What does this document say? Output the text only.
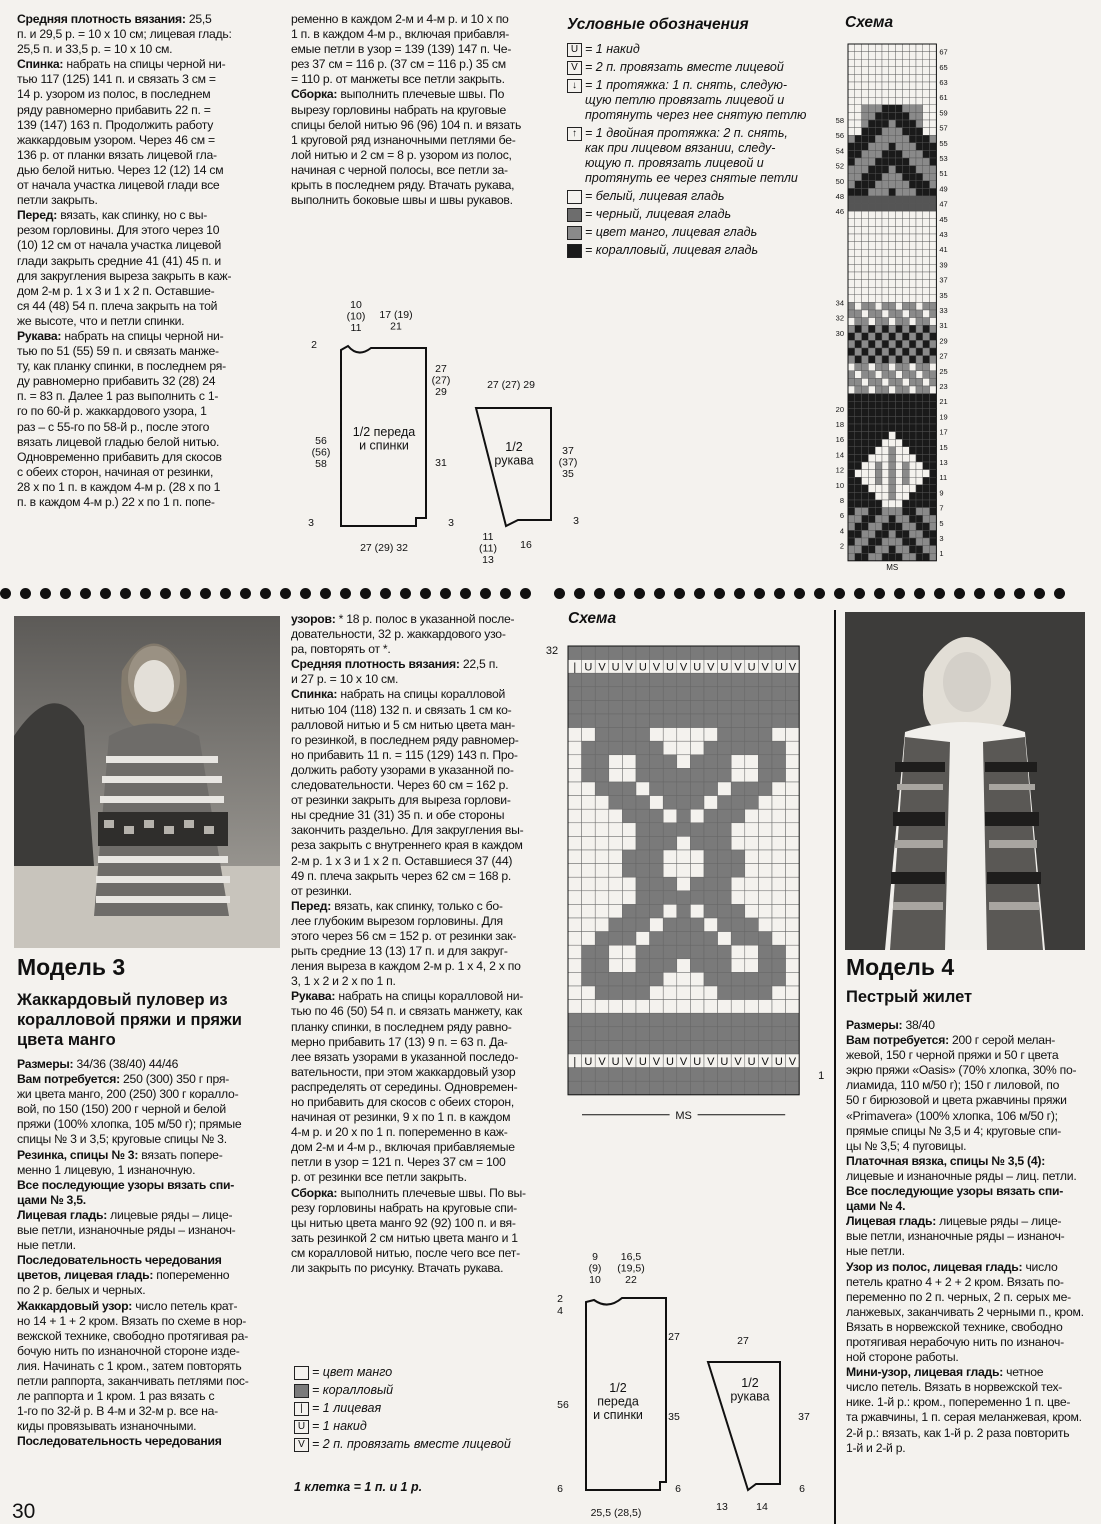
Средняя плотность вязания: 25,5

п. и 29,5 р. = 10 х 10 см; лицевая гладь:

25,5 п. и 33,5 р. = 10 х 10 см.

Спинка: набрать на спицы черной ни-

тью 117 (125) 141 п. и связать 3 см =

14 р. узором из полос, в последнем

ряду равномерно прибавить 22 п. =

139 (147) 163 п. Продолжить работу

жаккардовым узором. Через 46 см =

136 р. от планки вязать лицевой гла-

дью белой нитью. Через 12 (12) 14 см

от начала участка лицевой глади все

петли закрыть.

Перед: вязать, как спинку, но с вы-

резом горловины. Для этого через 10

(10) 12 см от начала участка лицевой

глади закрыть средние 41 (41) 45 п. и

для закругления выреза закрыть в каж-

дом 2-м р. 1 х 3 и 1 х 2 п. Оставшие-

ся 44 (48) 54 п. плеча закрыть на той

же высоте, что и петли спинки.

Рукава: набрать на спицы черной ни-

тью по 51 (55) 59 п. и связать манже-

ту, как планку спинки, в последнем ря-

ду равномерно прибавить 32 (28) 24

п. = 83 п. Далее 1 раз выполнить с 1-

го по 60-й р. жаккардового узора, 1

раз – с 55-го по 58-й р., после этого

вязать лицевой гладью белой нитью.

Одновременно прибавить для скосов

с обеих сторон, начиная от резинки,

28 х по 1 п. в каждом 4-м р. (28 х по 1

п. в каждом 4-м р.) 22 х по 1 п. попе-

ременно в каждом 2-м и 4-м р. и 10 х по

1 п. в каждом 4-м р., включая прибавля-

емые петли в узор = 139 (139) 147 п. Че-

рез 37 см = 116 р. (37 см = 116 р.) 35 см

= 110 р. от манжеты все петли закрыть.

Сборка: выполнить плечевые швы. По

вырезу горловины набрать на круговые

спицы белой нитью 96 (96) 104 п. и вязать

1 круговой ряд изнаночными петлями бе-

лой нитью и 2 см = 8 р. узором из полос,

начиная с черной полосы, все петли за-

крыть в последнем ряду. Втачать рукава,

выполнить боковые швы и швы рукавов.

Условные обозначения
U = 1 накид
V = 2 п. провязать вместе лицевой
↓ = 1 протяжка: 1 п. снять, следую-
щую петлю провязать лицевой и
протянуть через нее снятую петлю
↑ = 1 двойная протяжка: 2 п. снять,
как при лицевом вязании, следу-
ющую п. провязать лицевой и
протянуть ее через снятые петли
= белый, лицевая гладь
= черный, лицевая гладь
= цвет манго, лицевая гладь
= коралловый, лицевая гладь
Схема
58
56
54
52
50
48
46
34
32
30
20
18
16
14
12
10
8
6
4
2
67
65
63
61
59
57
55
53
51
49
47
45
43
41
39
37
35
33
31
29
27
25
23
21
19
17
15
13
11
9
7
5
3
1
MS
1/2 переда и спинки	1/2 рукава
10 (10) 11
17 (19) 21
2
27 (27) 29
56 (56) 58	31
3	3
27 (29) 32
27 (27) 29
37 (37) 35
11 (11) 13
16
3
Модель 3
Жаккардовый пуловер из
коралловой пряжи и пряжи
цвета манго

Размеры: 34/36 (38/40) 44/46

Вам потребуется: 250 (300) 350 г пря-

жи цвета манго, 200 (250) 300 г коралло-

вой, по 150 (150) 200 г черной и белой

пряжи (100% хлопка, 105 м/50 г); прямые

спицы № 3 и 3,5; круговые спицы № 3.

Резинка, спицы № 3: вязать попере-

менно 1 лицевую, 1 изнаночную.

Все последующие узоры вязать спи-

цами № 3,5.

Лицевая гладь: лицевые ряды – лице-

вые петли, изнаночные ряды – изнаноч-

ные петли.

Последовательность чередования

цветов, лицевая гладь: попеременно

по 2 р. белых и черных.

Жаккардовый узор: число петель крат-

но 14 + 1 + 2 кром. Вязать по схеме в нор-

вежской технике, свободно протягивая ра-

бочую нить по изнаночной стороне изде-

лия. Начинать с 1 кром., затем повторять

петли раппорта, заканчивать петлями пос-

ле раппорта и 1 кром. 1 раз вязать с

1-го по 32-й р. В 4-м и 32-м р. все на-

киды провязывать изнаночными.

Последовательность чередования

узоров: * 18 р. полос в указанной после-

довательности, 32 р. жаккардового узо-

ра, повторять от *.

Средняя плотность вязания: 22,5 п.

и 27 р. = 10 х 10 см.

Спинка: набрать на спицы коралловой

нитью 104 (118) 132 п. и связать 1 см ко-

ралловой нитью и 5 см нитью цвета ман-

го резинкой, в последнем ряду равномер-

но прибавить 11 п. = 115 (129) 143 п. Про-

должить работу узорами в указанной по-

следовательности. Через 60 см = 162 р.

от резинки закрыть для выреза горлови-

ны средние 31 (31) 35 п. и обе стороны

закончить раздельно. Для закругления вы-

реза закрыть с внутреннего края в каждом

2-м р. 1 х 3 и 1 х 2 п. Оставшиеся 37 (44)

49 п. плеча закрыть через 62 см = 168 р.

от резинки.

Перед: вязать, как спинку, только с бо-

лее глубоким вырезом горловины. Для

этого через 56 см = 152 р. от резинки зак-

рыть средние 13 (13) 17 п. и для закруг-

ления выреза в каждом 2-м р. 1 х 4, 2 х по

3, 1 х 2 и 2 х по 1 п.

Рукава: набрать на спицы коралловой ни-

тью по 46 (50) 54 п. и связать манжету, как

планку спинки, в последнем ряду равно-

мерно прибавить 17 (13) 9 п. = 63 п. Да-

лее вязать узорами в указанной последо-

вательности, при этом жаккардовый узор

распределять от середины. Одновремен-

но прибавить для скосов с обеих сторон,

начиная от резинки, 9 х по 1 п. в каждом

4-м р. и 20 х по 1 п. попеременно в каж-

дом 2-м и 4-м р., включая прибавляемые

петли в узор = 121 п. Через 37 см = 100

р. от резинки все петли закрыть.

Сборка: выполнить плечевые швы. По вы-

резу горловины набрать на круговые спи-

цы нитью цвета манго 92 (92) 100 п. и вя-

зать резинкой 2 см нитью цвета манго и 1

см коралловой нитью, после чего все пет-

ли закрыть по рисунку. Втачать рукава.

= цвет манго
= коралловый
| = 1 лицевая
U = 1 накид
V = 2 п. провязать вместе лицевой
1 клетка = 1 п. и 1 р.
Схема
| U V U V U V U V U V U V U V U V
| U V U V U V U V U V U V U V U V
32
1
MS
1/2 переда и спинки
1/2 рукава
9 (9) 10
16,5 (19,5) 22
2
4
27
56
35
6	6
25,5 (28,5)
27
37
6
13	14
Модель 4
Пестрый жилет

Размеры: 38/40

Вам потребуется: 200 г серой мелан-

жевой, 150 г черной пряжи и 50 г цвета

экрю пряжи «Oasis» (70% хлопка, 30% по-

лиамида, 110 м/50 г); 150 г лиловой, по

50 г бирюзовой и цвета ржавчины пряжи

«Primavera» (100% хлопка, 106 м/50 г);

прямые спицы № 3,5 и 4; круговые спи-

цы № 3,5; 4 пуговицы.

Платочная вязка, спицы № 3,5 (4):

лицевые и изнаночные ряды – лиц. петли.

Все последующие узоры вязать спи-

цами № 4.

Лицевая гладь: лицевые ряды – лице-

вые петли, изнаночные ряды – изнаноч-

ные петли.

Узор из полос, лицевая гладь: число

петель кратно 4 + 2 + 2 кром. Вязать по-

переменно по 2 п. черных, 2 п. серых ме-

ланжевых, заканчивать 2 черными п., кром.

Вязать в норвежской технике, свободно

протягивая нерабочую нить по изнаноч-

ной стороне работы.

Мини-узор, лицевая гладь: четное

число петель. Вязать в норвежской тех-

нике. 1-й р.: кром., попеременно 1 п. цве-

та ржавчины, 1 п. серая меланжевая, кром.

2-й р.: вязать, как 1-й р. 2 раза повторить

1-й и 2-й р.

30
